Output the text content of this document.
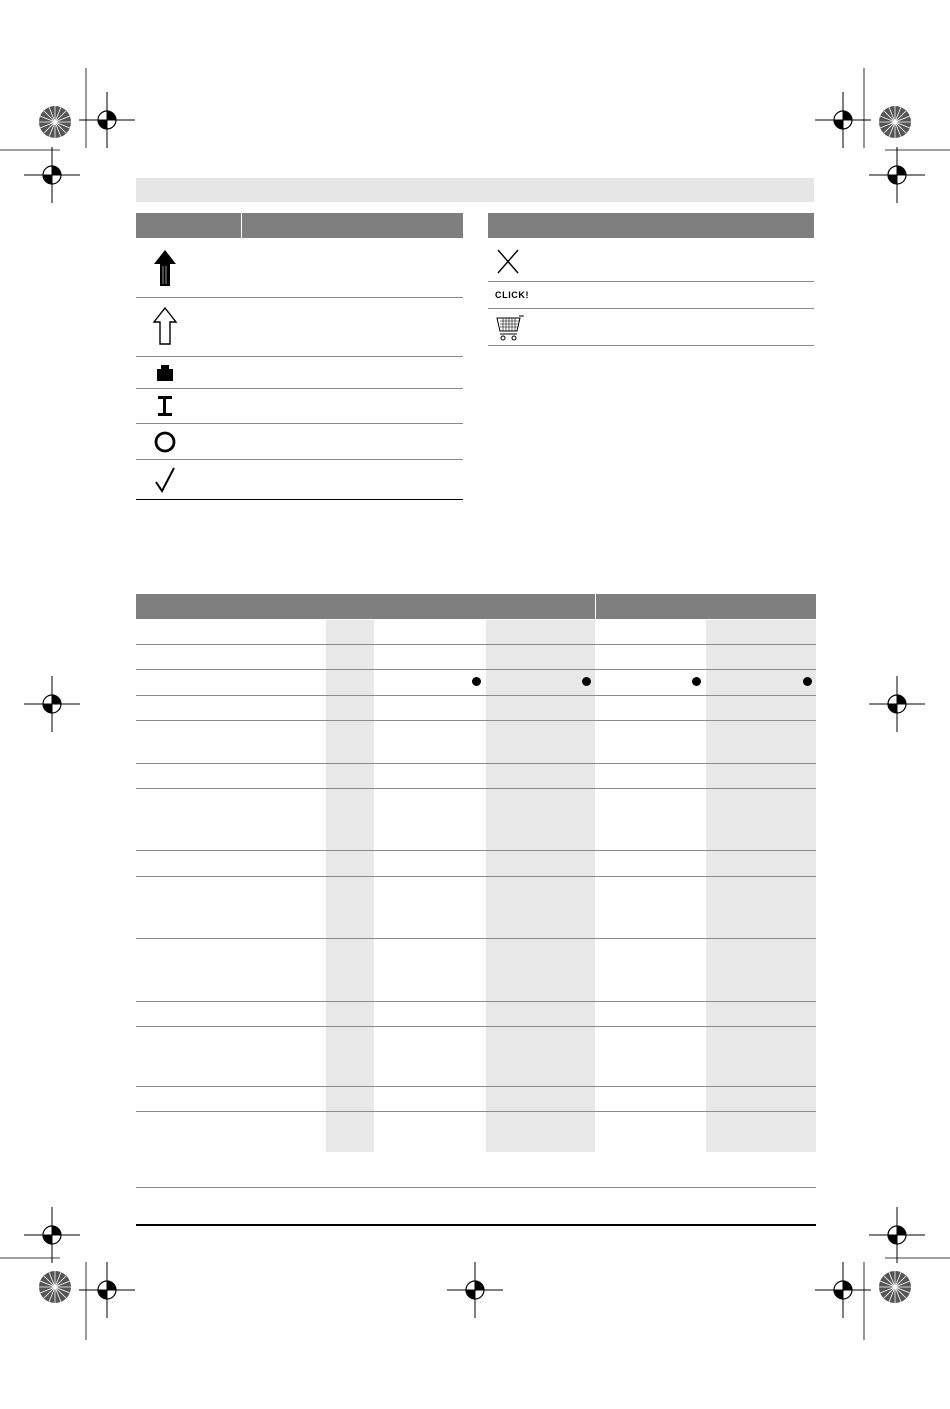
CLICK!
